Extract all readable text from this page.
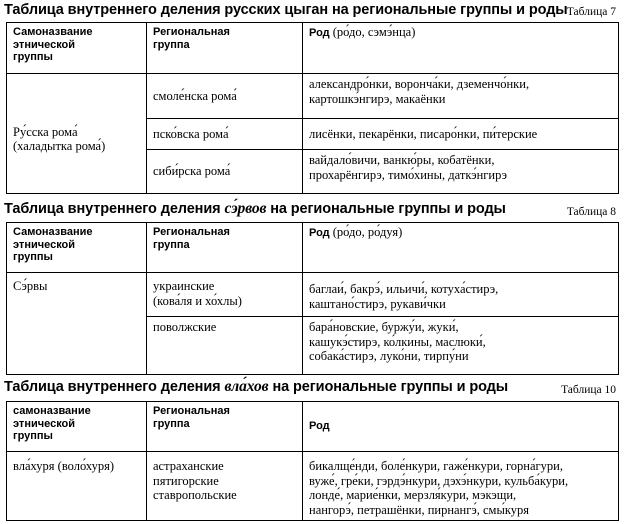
Таблица внутреннего деления русских цыган на региональные группы и роды Таблица 7
Самоназвание
этнической
группы	Региональная
группа	Род (ро́до, сэмэ́нца)

Ру́сска рома́
(халадытка рома́)	смоле́нска рома́	александро́нки, воронча́ки, дземенчо́нки,
картошкэ́нгирэ, макаёнки

	пско́вска рома́	лисёнки, пекарёнки, писаро́нки, пи́терские

	сиби́рска рома́	вайдало́вичи, ванкю́ры, кобатёнки,
прохарёнгирэ, тимо́хины, даткэ́нгирэ
Таблица внутреннего деления сэ́рвов на региональные группы и роды	Таблица 8
Самоназвание
этнической
группы	Региональная
группа	Род (ро́до, ро́дуя)
Сэ́рвы	украинские
(кова́ля и хо́хлы)	баглаи́, бакрэ́, ильичи́, котуха́стирэ,
каштано́стирэ, рукави́чки

	поволжские	бара́новские, буржу́и, жуки́,
кашукэ́стирэ, ко́лкины, маслюки́,
собака́стирэ, луко́ни, тирпу́ни
Таблица внутреннего деления вла́хов на региональные группы и роды	Таблица 10
самоназвание
этнической
группы	Региональная
группа	Род
вла́хуря (воло́хуря)	астраханские
пятигорские
ставропольские	бикалще́нди, боле́нкури, гаже́нкури, горна́гури,
вуже́, гре́ки, гэрдэ́нкури, дэхэ́нкури, кульба́кури,
лонде́, марие́нки, мерзля́кури, мэкэщи,
нангорэ́, петрашёнки, пирнангэ́, смы́куря
